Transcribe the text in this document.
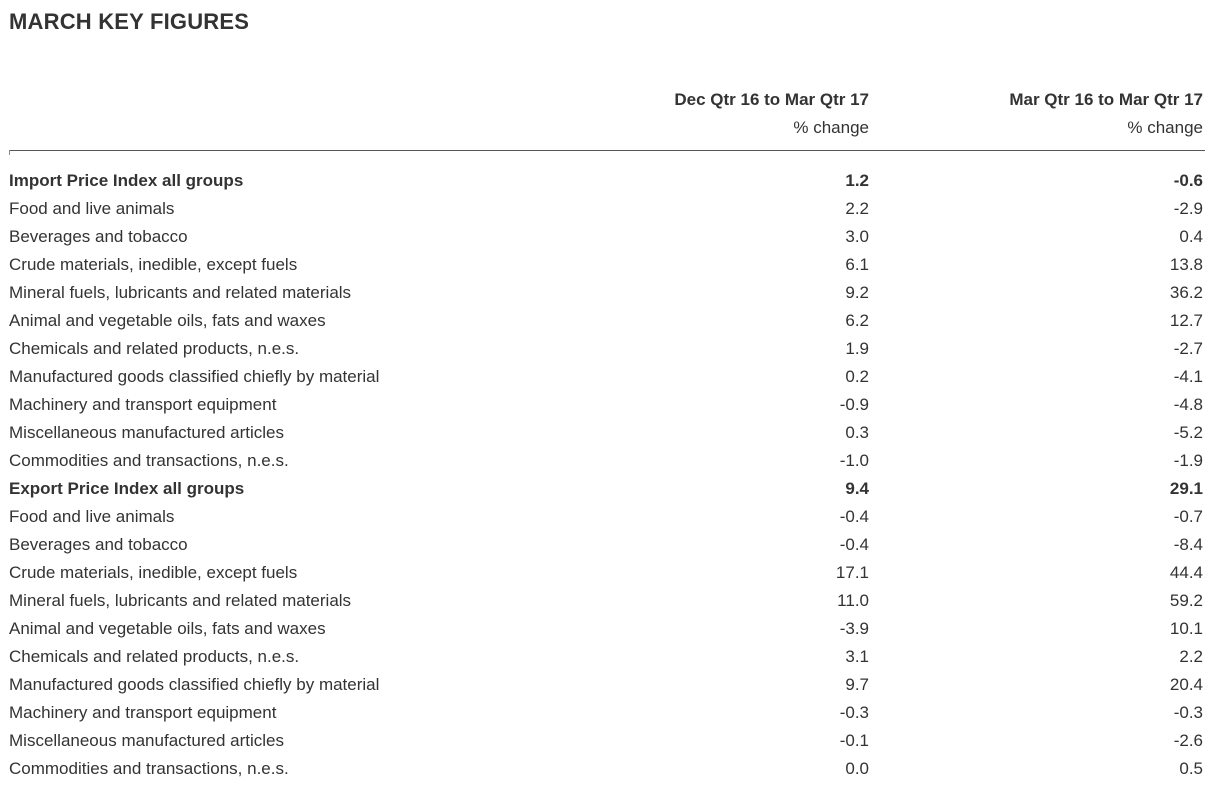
MARCH KEY FIGURES
Dec Qtr 16 to Mar Qtr 17
% change
Mar Qtr 16 to Mar Qtr 17
% change
Import Price Index all groups	1.2	-0.6
Food and live animals	2.2	-2.9
Beverages and tobacco	3.0	0.4
Crude materials, inedible, except fuels	6.1	13.8
Mineral fuels, lubricants and related materials	9.2	36.2
Animal and vegetable oils, fats and waxes	6.2	12.7
Chemicals and related products, n.e.s.	1.9	-2.7
Manufactured goods classified chiefly by material	0.2	-4.1
Machinery and transport equipment	-0.9	-4.8
Miscellaneous manufactured articles	0.3	-5.2
Commodities and transactions, n.e.s.	-1.0	-1.9
Export Price Index all groups	9.4	29.1
Food and live animals	-0.4	-0.7
Beverages and tobacco	-0.4	-8.4
Crude materials, inedible, except fuels	17.1	44.4
Mineral fuels, lubricants and related materials	11.0	59.2
Animal and vegetable oils, fats and waxes	-3.9	10.1
Chemicals and related products, n.e.s.	3.1	2.2
Manufactured goods classified chiefly by material	9.7	20.4
Machinery and transport equipment	-0.3	-0.3
Miscellaneous manufactured articles	-0.1	-2.6
Commodities and transactions, n.e.s.	0.0	0.5
